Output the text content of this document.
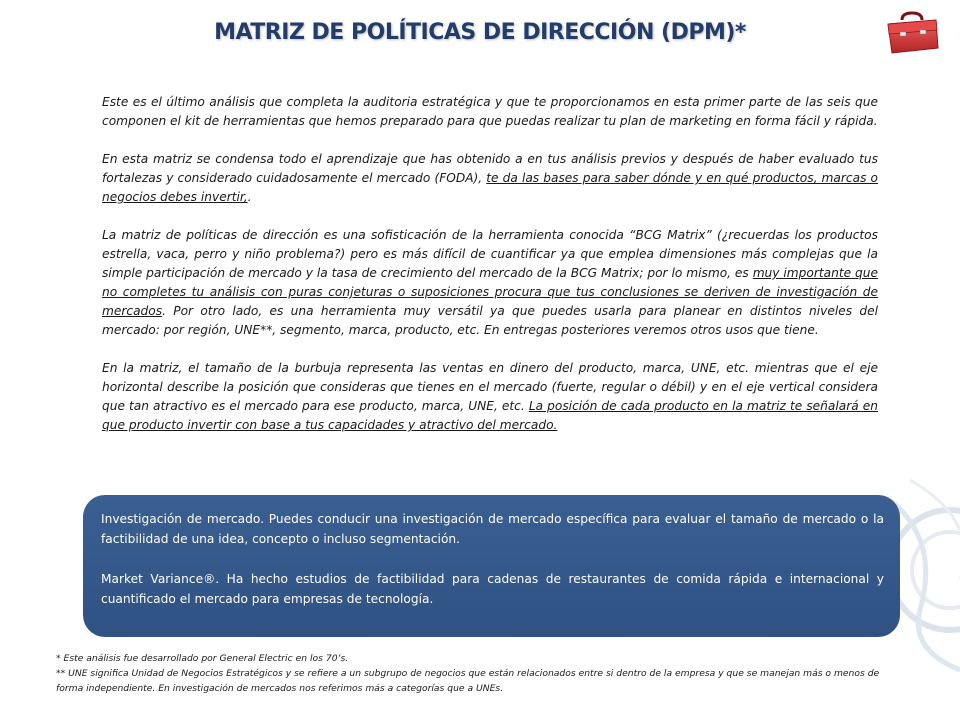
MATRIZ DE POLÍTICAS DE DIRECCIÓN (DPM)*

Este es el último análisis que completa la auditoria estratégica y que te proporcionamos en esta primer parte de las seis que componen el kit de herramientas que hemos preparado para que puedas realizar tu plan de marketing en forma fácil y rápida.

En esta matriz se condensa todo el aprendizaje que has obtenido a en tus análisis previos y después de haber evaluado tus fortalezas y considerado cuidadosamente el mercado (FODA), te da las bases para saber dónde y en qué productos, marcas o negocios debes invertir,.

La matriz de políticas de dirección es una sofisticación de la herramienta conocida “BCG Matrix” (¿recuerdas los productos estrella, vaca, perro y niño problema?) pero es más difícil de cuantificar ya que emplea dimensiones más complejas que la simple participación de mercado y la tasa de crecimiento del mercado de la BCG Matrix; por lo mismo, es muy importante que no completes tu análisis con puras conjeturas o suposiciones procura que tus conclusiones se deriven de investigación de mercados. Por otro lado, es una herramienta muy versátil ya que puedes usarla para planear en distintos niveles del mercado: por región, UNE**, segmento, marca, producto, etc. En entregas posteriores veremos otros usos que tiene.

En la matriz, el tamaño de la burbuja representa las ventas en dinero del producto, marca, UNE, etc. mientras que el eje horizontal describe la posición que consideras que tienes en el mercado (fuerte, regular o débil) y en el eje vertical considera que tan atractivo es el mercado para ese producto, marca, UNE, etc. La posición de cada producto en la matriz te señalará en que producto invertir con base a tus capacidades y atractivo del mercado.

Investigación de mercado. Puedes conducir una investigación de mercado específica para evaluar el tamaño de mercado o la factibilidad de una idea, concepto o incluso segmentación.

Market Variance®. Ha hecho estudios de factibilidad para cadenas de restaurantes de comida rápida e internacional y cuantificado el mercado para empresas de tecnología.

* Este análisis fue desarrollado por General Electric en los 70’s.
** UNE significa Unidad de Negocios Estratégicos y se refiere a un subgrupo de negocios que están relacionados entre si dentro de la empresa y que se manejan más o menos de forma independiente. En investigación de mercados nos referimos más a categorías que a UNEs.
